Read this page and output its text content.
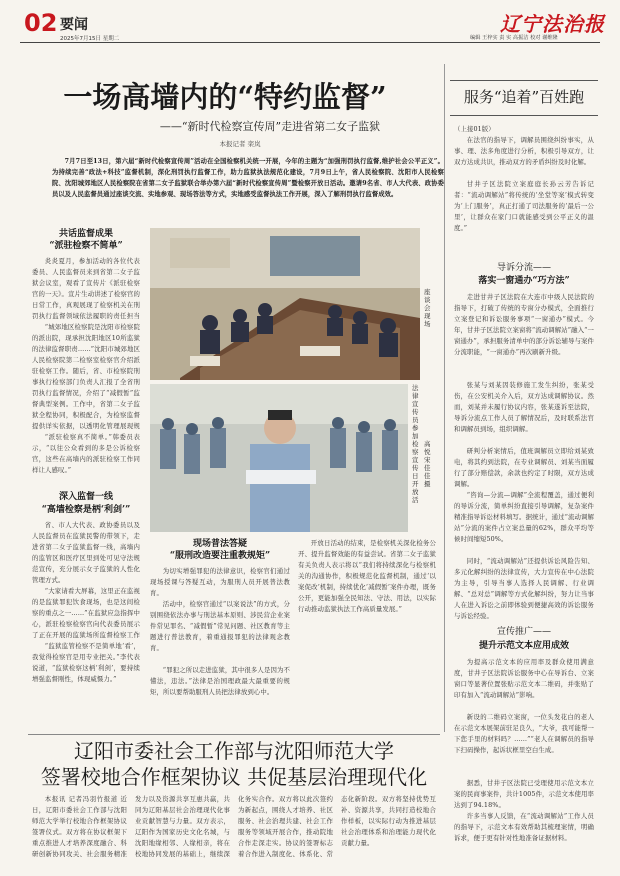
02 要闻
2025年7月15日 星期二
辽宁法治报
编辑 王梓实 责 实 高振洁 校对 谢维隆
一场高墙内的“特约监督”
——“新时代检察宣传周”走进省第二女子监狱
本报记者 栾岚
7月7日至13日，第六届“新时代检察宣传周”活动在全国检察机关统一开展，今年的主题为“加强刑罚执行监督,维护社会公平正义”。为持续完善“政法+科技”监督机制，深化刑罚执行监督工作，助力监狱执法规范化建设，7月9日上午，省人民检察院、沈阳市人民检察院、沈阳城郊地区人民检察院在省第二女子监狱联合举办第六届“新时代检察宣传周”暨检察开放日活动。邀请9名省、市人大代表、政协委员以及人民监督员通过座谈交流、实地参观、现场答法等方式，实地感受监督执法工作开展，深入了解刑罚执行监督成效。
共话监督成果
“派驻检察不简单”
炎炎夏月，参加活动的各位代表委员、人民监督员来到省第二女子监狱会议室，观看了宣传片《派驻检察官的一天》。宣片生动讲述了检察官的日常工作，真观展现了检察机关在刑罚执行监督领域依法履职的责任担当
“城郊地区检察院是沈阳市检察院的派出院，现承担沈阳地区10所监狱的法律监督职责……”沈阳市城郊地区人民检察院第二检察室检察官介绍派驻检察工作。随后，省、市检察院刑事执行检察部门负责人汇报了全省刑罚执行监督情况，介绍了“减假暂”监督典型案例。工作中，省第二女子监狱全程协同，积极配合，为检察监督提供详实依据，以透明化管理展现规
“派驻检察真不简单。”韩委员表示，“以往公众看到的多是公诉检察官，这些在高墙内的派驻检察工作同样让人感叹。”
深入监督一线
“高墙检察是柄‘利剑’”
省、市人大代表、政协委员以及人民监督员在监狱民警的带领下，走进省第二女子监狱监督一线，高墙内的监管区和医疗区里到处可见守法规范宣传，充分展示女子监狱的人性化管理方式。
“大家请看大屏幕，这里正在监视的是监狱罪犯饮食现场，也是这间检察的重点之一……”在监狱应急指挥中心，派驻检察检察官向代表委员展示了正在开展的监狱场所监督检察工作
“监狱监管检察不是简单地‘看’，我觉得检察官是用专业把关。”李代表说道，“监狱检察这柄‘利剑’，要持续增强监督刚性，体现威慑力。”
座谈会现场
法律宣传员参加检察宣传日开放活
高悦 宋佳佳 摄
现场普法答疑
“服刑改造要注重教规矩”
为切实增强罪犯的法律意识，检察官们通过现场授课与答疑互动，为服刑人员开展普法教育。
活动中，检察官通过“以案说法”的方式，分别围绕依法办事与刑法基本原则、涉民营企业案件常见罪名、“减假暂”常见问题、社区教育等主题进行普法教育，着重通报罪犯的法律观念教育。
“罪犯之所以走进监狱，其中很多人是因为不懂法，违法。”法律是治国理政最大最重要的规矩，所以要帮助服刑人员把法律放到心中。
开放日活动的结束，是检察机关深化检务公开、提升监督效能的有益尝试。省第二女子监狱有关负责人表示将以“我们将持续深化与检察机关的沟通协作，积极规范化监督机制，通过‘以案促改’机制，持续优化‘减假暂’案件办理，既务公开，更能加强全民知法、守法、用法，以实际行动推动监狱执法工作高质量发展。”
服务“追着”百姓跑
（上接01版）
在法官的指导下，调解员围绕纠纷事实，从事、理、法多角度进行分析，积极引导双方，让双方达成共识，推动双方的矛盾纠纷及时化解。
甘井子区法院立案庭庭长孙云芳告诉记者：“流动调解站”将传统的‘坐堂等案’模式转变为‘上门服务’，真正打通了司法服务的‘最后一公里’，让群众在家门口就能感受到公平正义的温度。”
导诉分流——
落实一窗通办“巧方法”
走进甘井子区法院在大连市中级人民法院的指导下，打破了传统的专窗分办模式，全面推行立案登记和诉讼服务事项“一窗通办”模式。今年，甘井子区法院立案窗将“流动调解站”融入“一窗通办”，承担服务清单中的部分诉讼辅导与案件分流职能，“一窗通办”再次刷新升级。
张某与刘某因装修施工发生纠纷，张某受伤，在公安机关介入后，双方达成调解协议。然而，刘某并未履行协议内容，张某遂诉至法院，导诉分流点工作人员了解情况后，及时联系法官和调解员到场，组织调解。
研判分析案情后，值班调解员立即给刘某致电，将其约到法院，在专业调解员、刘某当面履行了部分赔偿款，余款也约定了时限，双方达成调解。
“咨询—分流—调解”全流程覆盖，通过便利的导诉分流，简单纠纷直接引导调解，复杂案件精准指导诉讼材料填写。据统计，通过“流动调解站”分流的案件占立案总量的62%，群众平均等候时间缩短50%。
同时，“流动调解站”还提供诉讼风险告知、多元化解纠纷的法律宣传，大力宣传在中心法院为主导，引导当事人选择人民调解、行业调解、“总对总”调解等方式化解纠纷，努力让当事人在进入诉讼之前即体验到便捷高效的诉讼服务与诉讼经验。
宣传推广——
提升示范文本应用成效
为提高示范文本的应用率及群众使用满意度，甘井子区法院诉讼服务中心在导诉台、立案窗口等显著位置张贴示范文本二维码，并张贴了印有加入“流动调解站”影响。
新设的二维码立案窗，一位头发花白的老人在示范文本展架前驻足良久，“大爷，我可能帮一下您手里的材料吗？……”“老人在调解员的指导下扫码操作，起诉状框里空白生成。
据悉，甘井子区法院已受理使用示范文本立案的民商事案件，共计1005件，示范文本使用率达到了94.18%。
许多当事人反馈，在“流动调解站”工作人员的指导下，示范文本有效帮助其梳理案情，明确诉求，便于更有针对性地准备证据材料。
辽阳市委社会工作部与沈阳师范大学
签署校地合作框架协议 共促基层治理现代化
本报讯 记者冯羽竹报道 近日，辽阳市委社会工作部与沈阳师范大学举行校地合作框架协议签署仪式。双方将在协议框架下重点推进人才培养深度融合、科研创新协同攻关、社会服务精准发力以及资源共享互惠共赢，共同为辽阳基层社会治理现代化事业贡献智慧与力量。双方表示，辽阳作为国家历史文化名城，与沈阳地缘相邻、人缘相亲，将在校地协同发展的基础上，继续深化务实合作。双方将以此次签约为新起点，围绕人才培养、社区服务、社会治理共建、社会工作服务等领域开展合作，推动院地合作走深走实。协议的签署标志着合作进入制度化、体系化、常态化新阶段。双方将坚持优势互补、资源共享，共同打造校地合作样板，以实际行动为推进基层社会治理体系和治理能力现代化贡献力量。
